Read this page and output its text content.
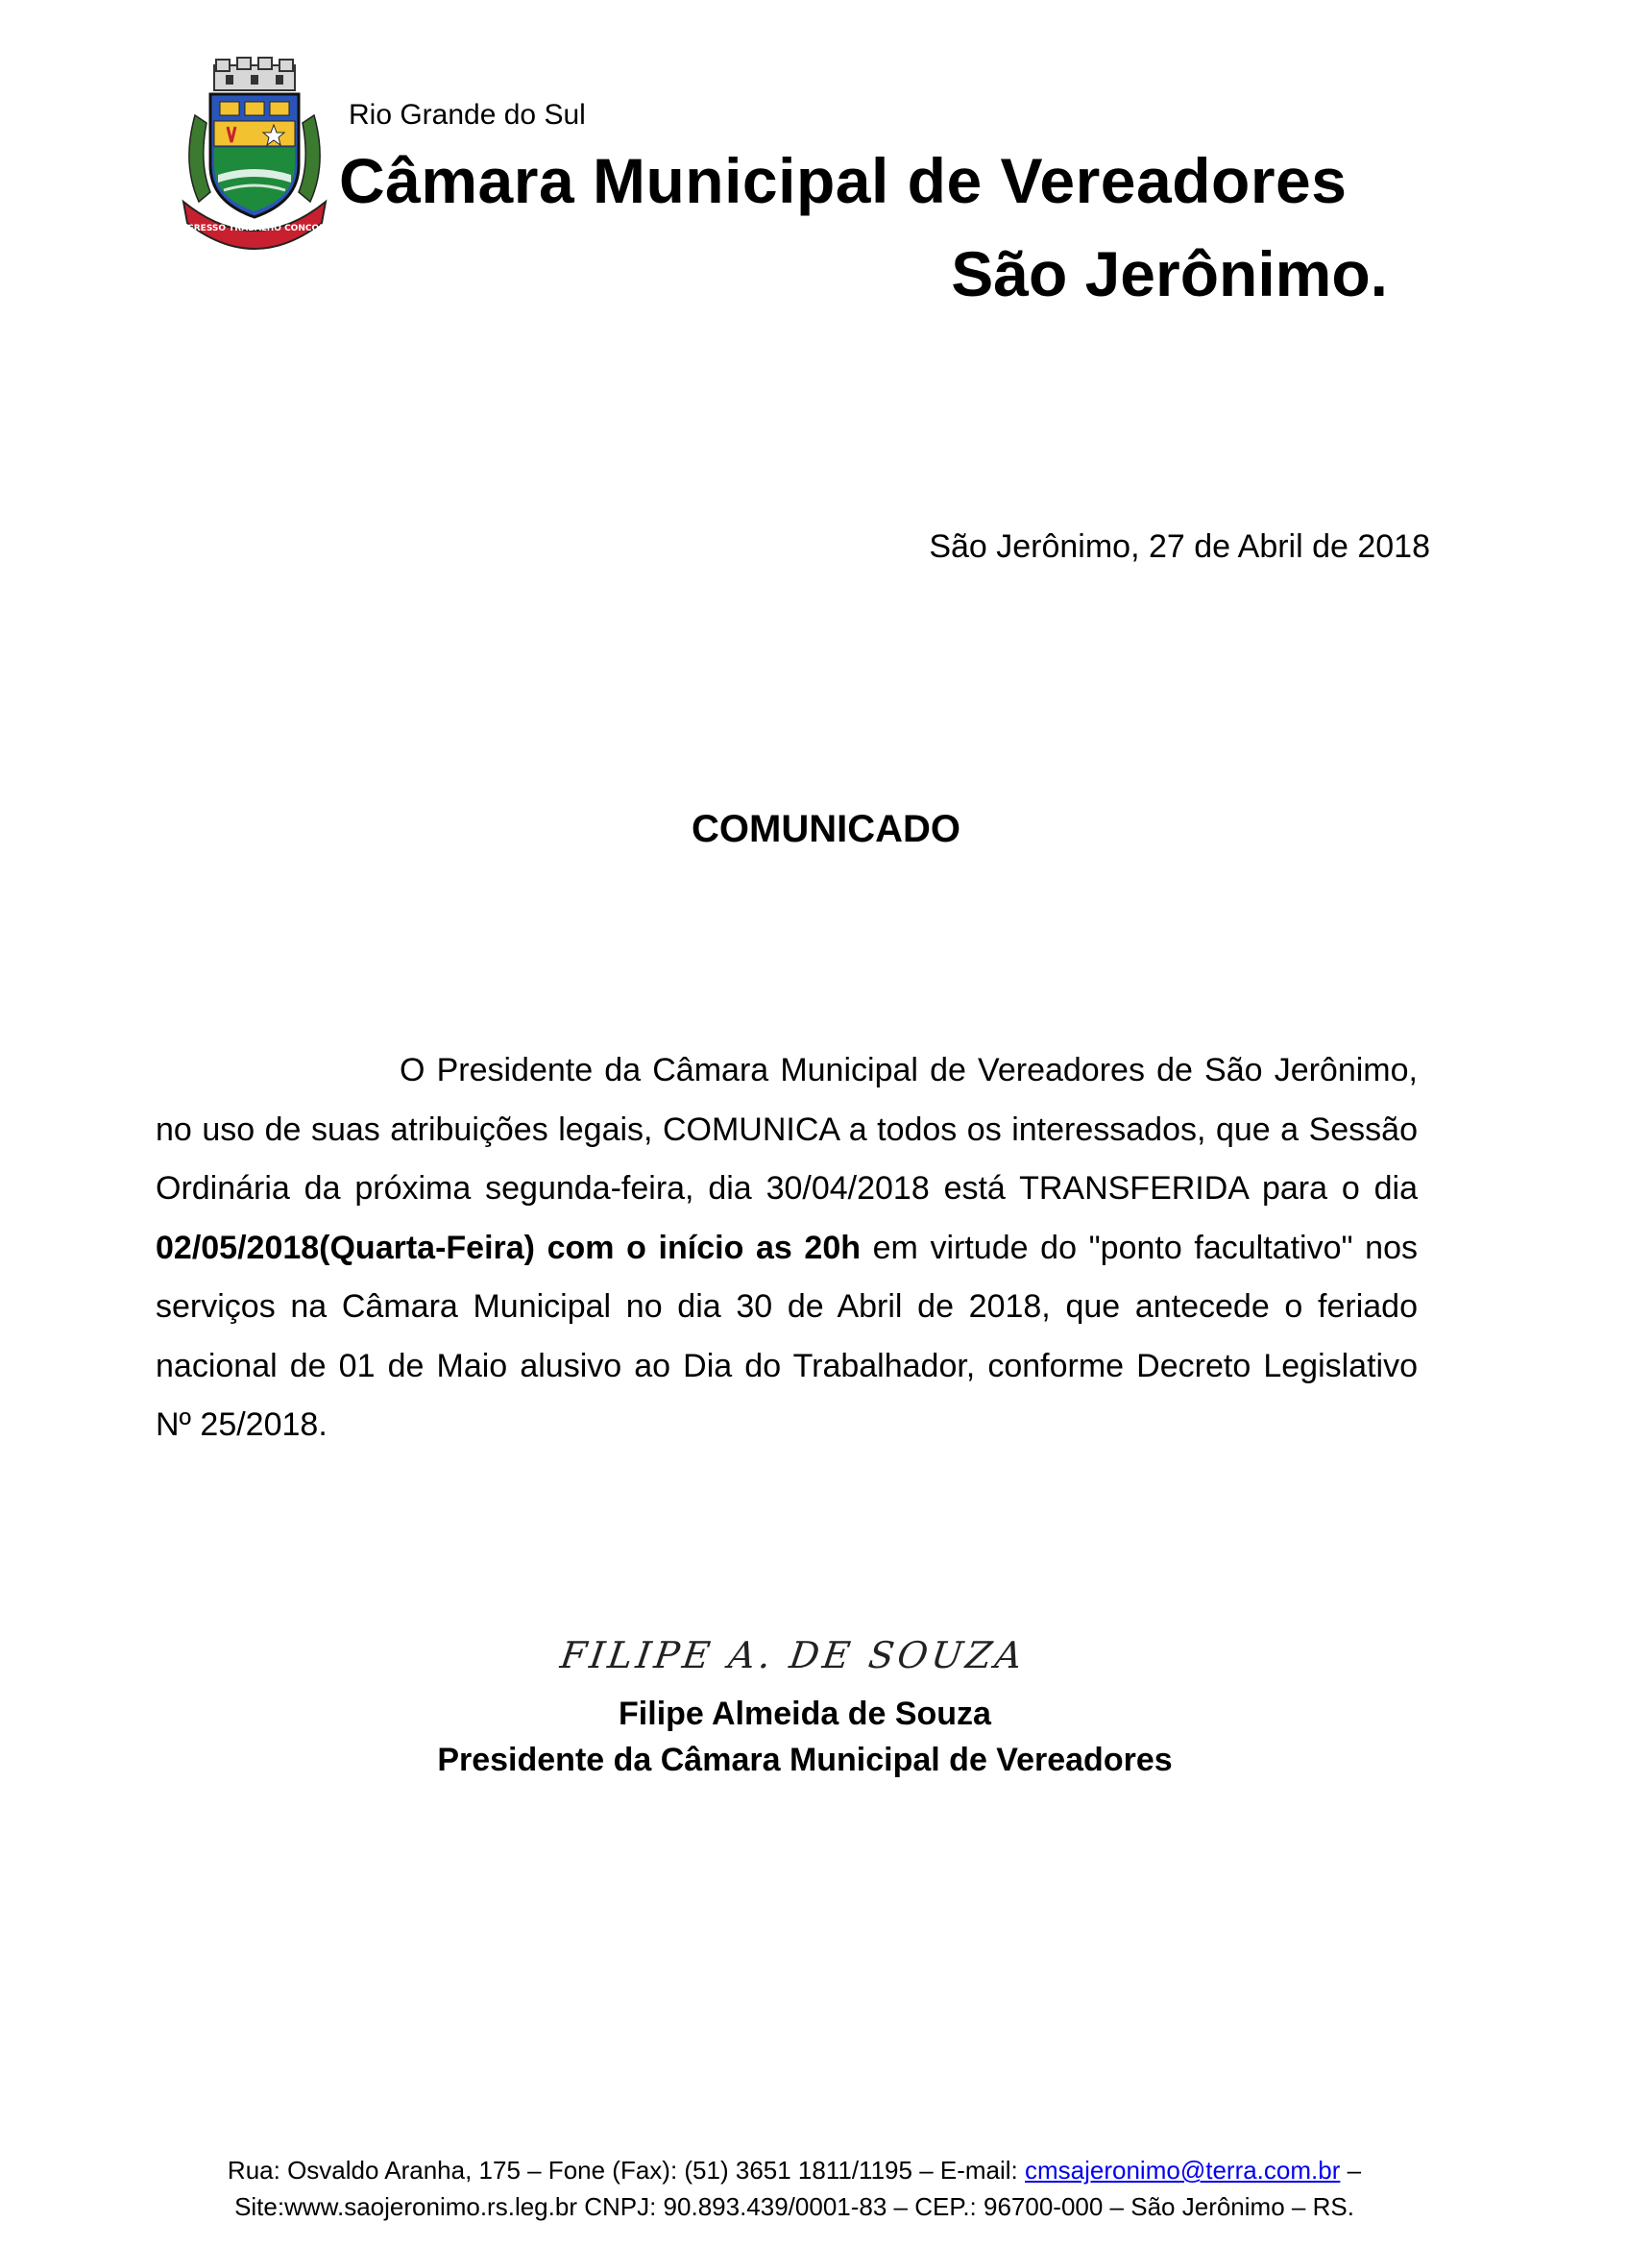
PROGRESSO TRABALHO CONCORDIA
Rio Grande do Sul
Câmara Municipal de Vereadores
São Jerônimo.
São Jerônimo, 27 de Abril de 2018
COMUNICADO

O Presidente da Câmara Municipal de Vereadores de São Jerônimo, no uso de suas atribuições legais, COMUNICA a todos os interessados, que a Sessão Ordinária da próxima segunda-feira, dia 30/04/2018 está TRANSFERIDA para o dia 02/05/2018(Quarta-Feira) com o início as 20h em virtude do "ponto facultativo" nos serviços na Câmara Municipal no dia 30 de Abril de 2018, que antecede o feriado nacional de 01 de Maio alusivo ao Dia do Trabalhador, conforme Decreto Legislativo Nº 25/2018.

FILIPE A. DE SOUZA
Filipe Almeida de Souza
Presidente da Câmara Municipal de Vereadores
Rua: Osvaldo Aranha, 175 – Fone (Fax): (51) 3651 1811/1195 – E-mail: cmsajeronimo@terra.com.br –
Site:www.saojeronimo.rs.leg.br CNPJ: 90.893.439/0001-83 – CEP.: 96700-000 – São Jerônimo – RS.
